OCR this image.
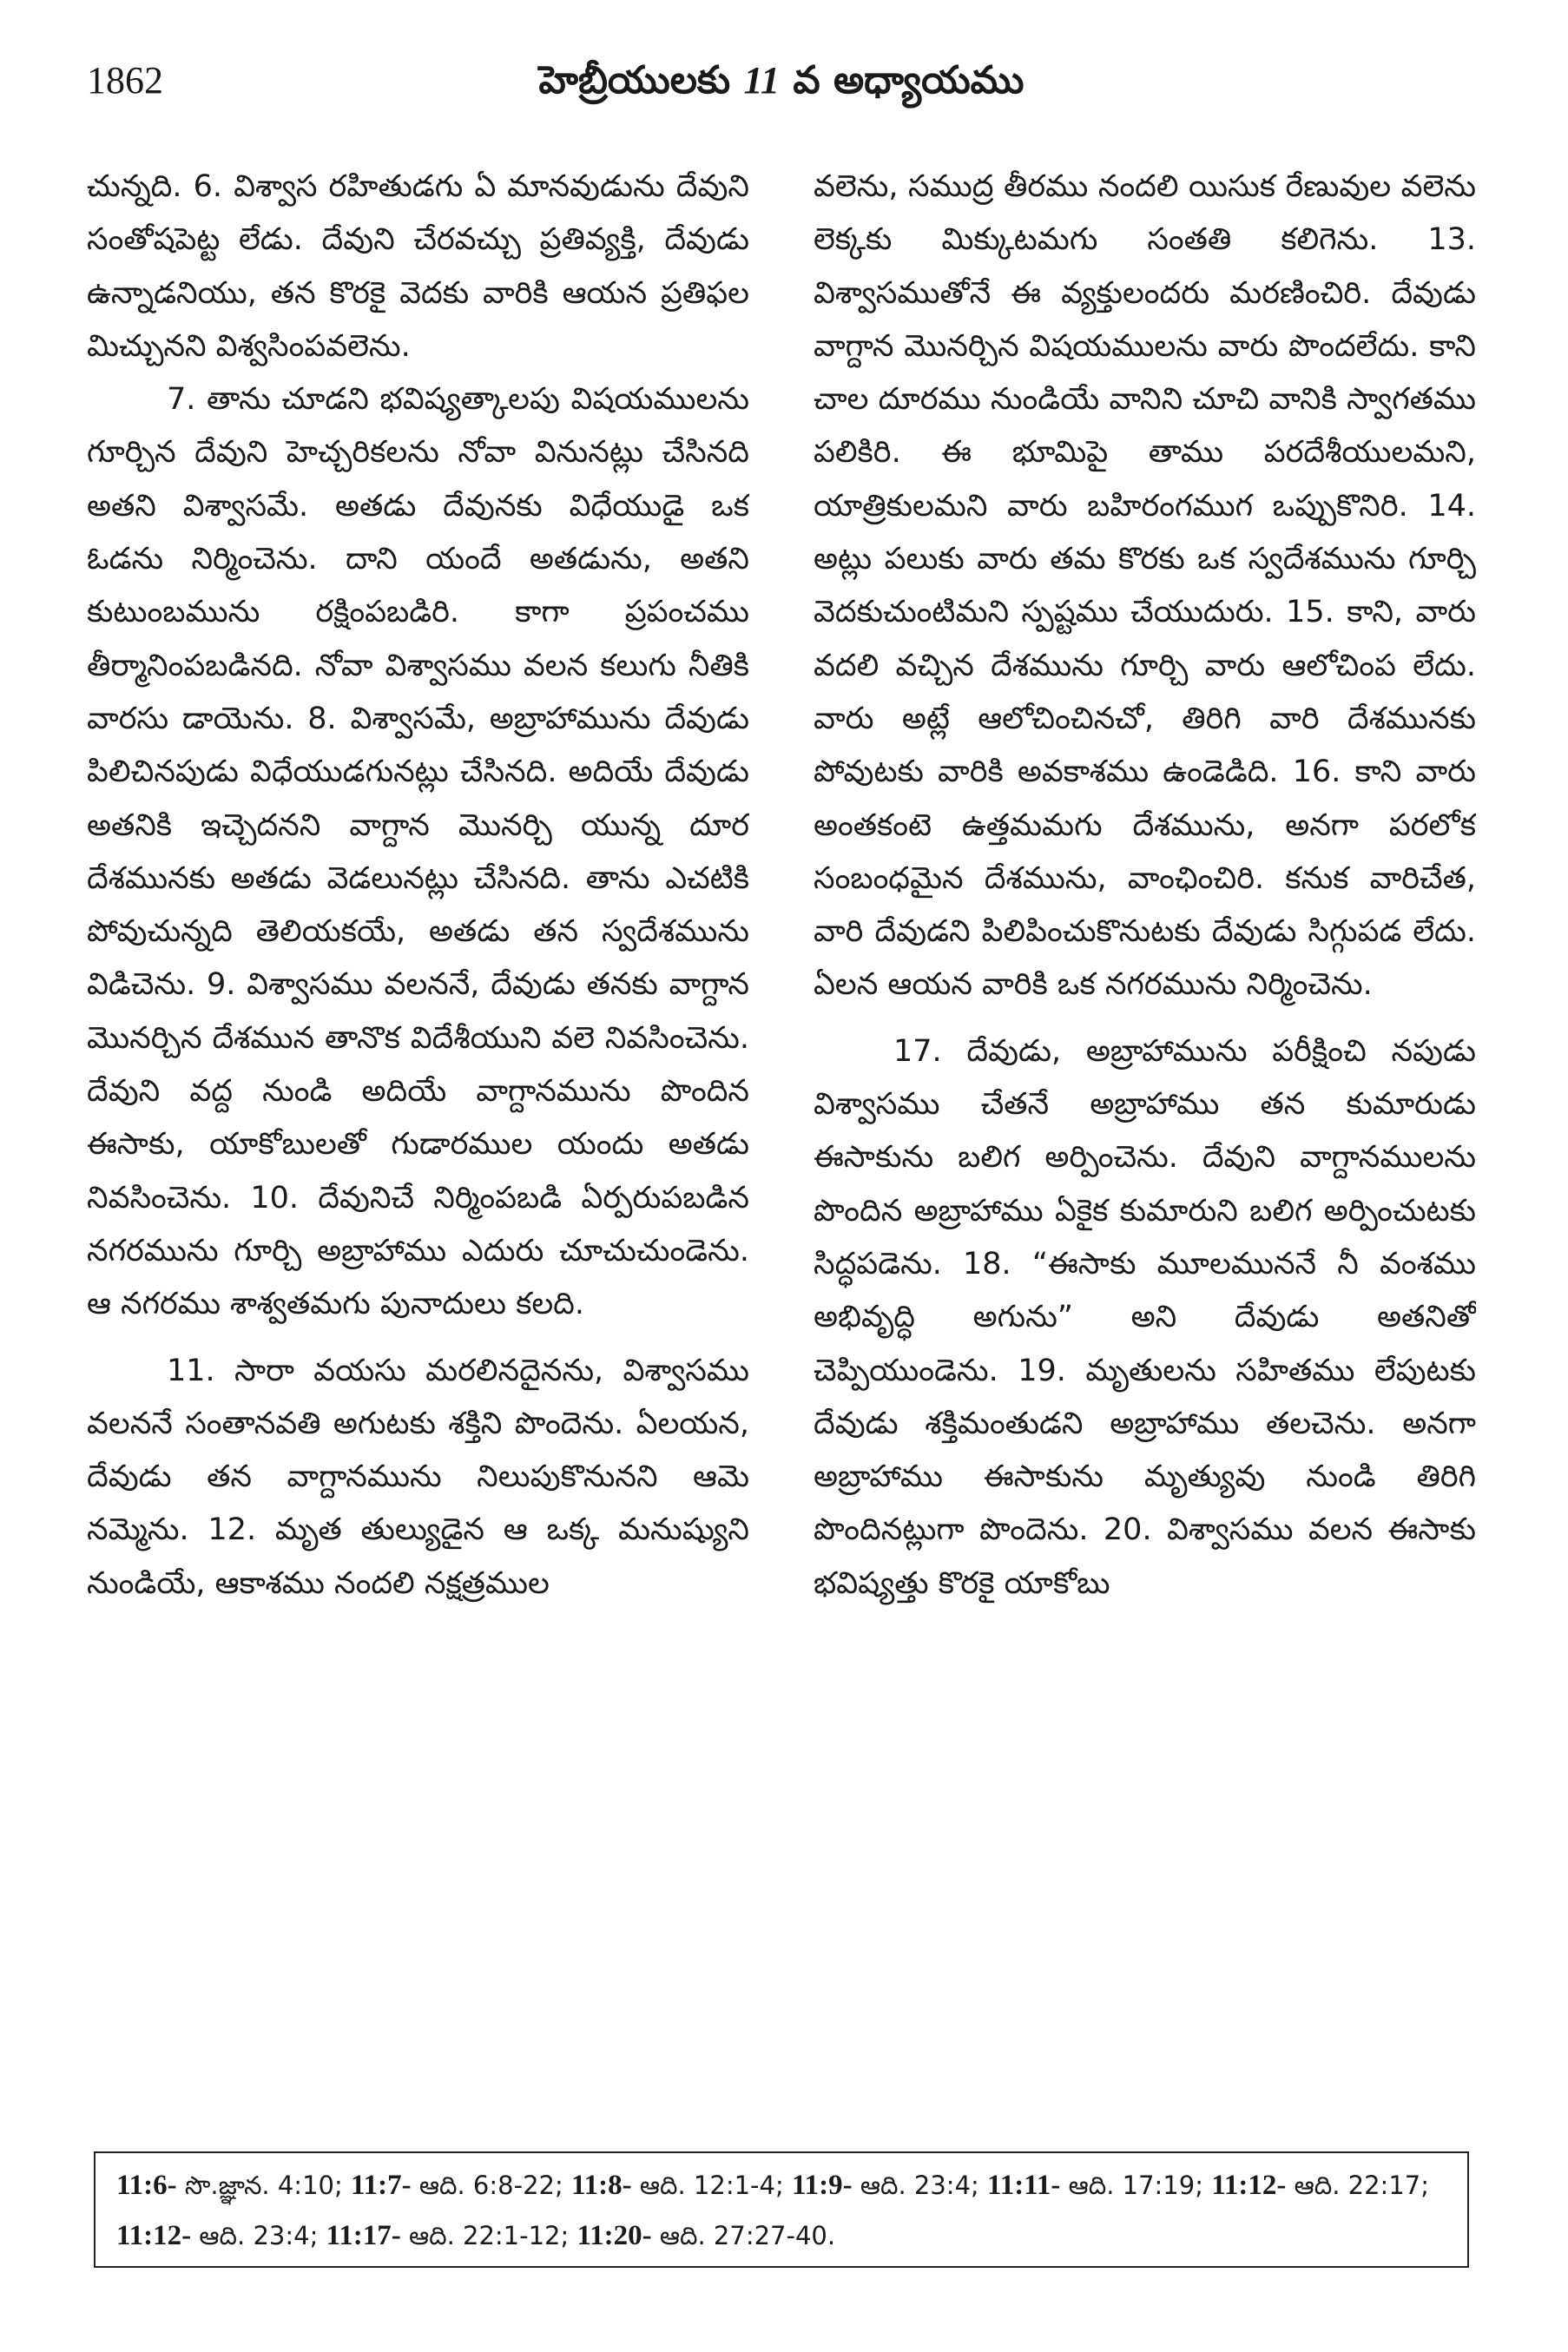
1862	హెబ్రీయులకు 11 వ అధ్యాయము

చున్నది. 6. విశ్వాస రహితుడగు ఏ మానవుడును దేవుని సంతోషపెట్ట లేడు. దేవుని చేరవచ్చు ప్రతివ్యక్తి, దేవుడు ఉన్నాడనియు, తన కొరకై వెదకు వారికి ఆయన ప్రతిఫల మిచ్చునని విశ్వసింపవలెను.

7. తాను చూడని భవిష్యత్కాలపు విషయములను గూర్చిన దేవుని హెచ్చరికలను నోవా వినునట్లు చేసినది అతని విశ్వాసమే. అతడు దేవునకు విధేయుడై ఒక ఓడను నిర్మించెను. దాని యందే అతడును, అతని కుటుంబమును రక్షింపబడిరి. కాగా ప్రపంచము తీర్మానింపబడినది. నోవా విశ్వాసము వలన కలుగు నీతికి వారసు డాయెను. 8. విశ్వాసమే, అబ్రాహామును దేవుడు పిలిచినపుడు విధేయుడగునట్లు చేసినది. అదియే దేవుడు అతనికి ఇచ్చెదనని వాగ్దాన మొనర్చి యున్న దూర దేశమునకు అతడు వెడలునట్లు చేసినది. తాను ఎచటికి పోవుచున్నది తెలియకయే, అతడు తన స్వదేశమును విడిచెను. 9. విశ్వాసము వలననే, దేవుడు తనకు వాగ్దాన మొనర్చిన దేశమున తానొక విదేశీయుని వలె నివసించెను. దేవుని వద్ద నుండి అదియే వాగ్దానమును పొందిన ఈసాకు, యాకోబులతో గుడారముల యందు అతడు నివసించెను. 10. దేవునిచే నిర్మింపబడి ఏర్పరుపబడిన నగరమును గూర్చి అబ్రాహాము ఎదురు చూచుచుండెను. ఆ నగరము శాశ్వతమగు పునాదులు కలది.

11. సారా వయసు మరలినదైనను, విశ్వాసము వలననే సంతానవతి అగుటకు శక్తిని పొందెను. ఏలయన, దేవుడు తన వాగ్దానమును నిలుపుకొనునని ఆమె నమ్మెను. 12. మృత తుల్యుడైన ఆ ఒక్క మనుష్యుని నుండియే, ఆకాశము నందలి నక్షత్రముల

వలెను, సముద్ర తీరము నందలి యిసుక రేణువుల వలెను లెక్కకు మిక్కుటమగు సంతతి కలిగెను. 13. విశ్వాసముతోనే ఈ వ్యక్తులందరు మరణించిరి. దేవుడు వాగ్దాన మొనర్చిన విషయములను వారు పొందలేదు. కాని చాల దూరము నుండియే వానిని చూచి వానికి స్వాగతము పలికిరి. ఈ భూమిపై తాము పరదేశీయులమని, యాత్రికులమని వారు బహిరంగముగ ఒప్పుకొనిరి. 14. అట్లు పలుకు వారు తమ కొరకు ఒక స్వదేశమును గూర్చి వెదకుచుంటిమని స్పష్టము చేయుదురు. 15. కాని, వారు వదలి వచ్చిన దేశమును గూర్చి వారు ఆలోచింప లేదు. వారు అట్లే ఆలోచించినచో, తిరిగి వారి దేశమునకు పోవుటకు వారికి అవకాశము ఉండెడిది. 16. కాని వారు అంతకంటె ఉత్తమమగు దేశమును, అనగా పరలోక సంబంధమైన దేశమును, వాంఛించిరి. కనుక వారిచేత, వారి దేవుడని పిలిపించుకొనుటకు దేవుడు సిగ్గుపడ లేదు. ఏలన ఆయన వారికి ఒక నగరమును నిర్మించెను.

17. దేవుడు, అబ్రాహామును పరీక్షించి నపుడు విశ్వాసము చేతనే అబ్రాహాము తన కుమారుడు ఈసాకును బలిగ అర్పించెను. దేవుని వాగ్దానములను పొందిన అబ్రాహాము ఏకైక కుమారుని బలిగ అర్పించుటకు సిద్ధపడెను. 18. “ఈసాకు మూలముననే నీ వంశము అభివృద్ధి అగును” అని దేవుడు అతనితో చెప్పియుండెను. 19. మృతులను సహితము లేపుటకు దేవుడు శక్తిమంతుడని అబ్రాహాము తలచెను. అనగా అబ్రాహాము ఈసాకును మృత్యువు నుండి తిరిగి పొందినట్లుగా పొందెను. 20. విశ్వాసము వలన ఈసాకు భవిష్యత్తు కొరకై యాకోబు

11:6- సొ.జ్ఞాన. 4:10; 11:7- ఆది. 6:8-22; 11:8- ఆది. 12:1-4; 11:9- ఆది. 23:4; 11:11- ఆది. 17:19; 11:12- ఆది. 22:17; 11:12- ఆది. 23:4; 11:17- ఆది. 22:1-12; 11:20- ఆది. 27:27-40.
